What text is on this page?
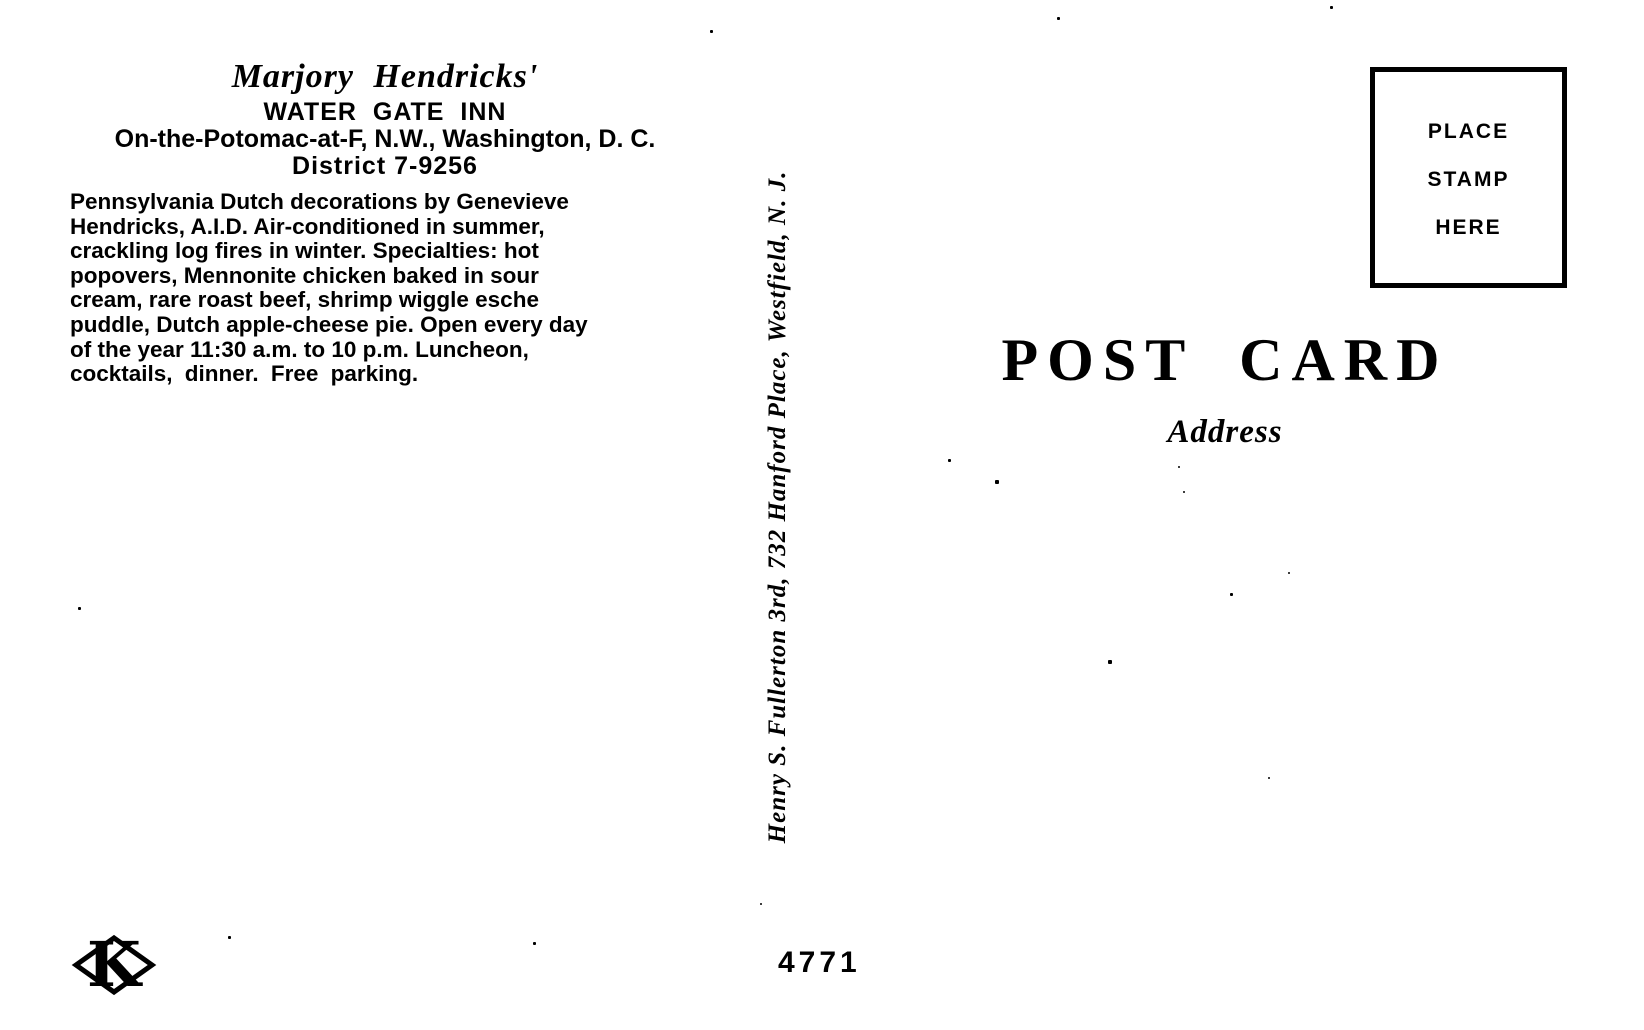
Marjory Hendricks'
WATER GATE INN
On-the-Potomac-at-F, N.W., Washington, D. C.
District 7-9256
Pennsylvania Dutch decorations by Genevieve
Hendricks, A.I.D. Air-conditioned in summer,
crackling log fires in winter. Specialties: hot
popovers, Mennonite chicken baked in sour
cream, rare roast beef, shrimp wiggle esche
puddle, Dutch apple-cheese pie. Open every day
of the year 11:30 a.m. to 10 p.m. Luncheon,
cocktails, dinner. Free parking.	Henry S. Fullerton 3rd, 732 Hanford Place, Westfield, N. J.
PLACE
STAMP
HERE
POST CARD
Address
K	4771
